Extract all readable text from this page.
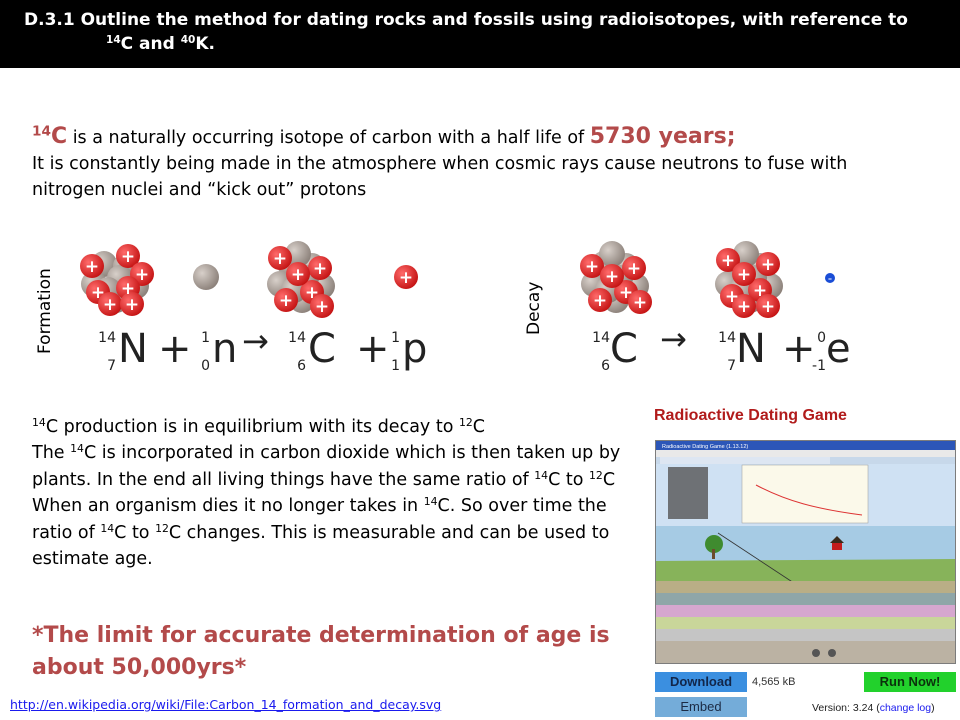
D.3.1 Outline the method for dating rocks and fossils using radioisotopes, with reference to
$^{14}$C and $^{40}$K.
$^{14}$C is a naturally occurring isotope of carbon with a half life of 5730 years;
It is constantly being made in the atmosphere when cosmic rays cause neutrons to fuse with nitrogen nuclei and “kick out” protons
+ +
+
+ +
+ +
+ +
+ +
+
+	+ +
+ + +
+
+ +
+ +
+
+
+
+	–
Formation	Decay
14
7 N + 1
0 n →	14
6 C + 1
1 p	14
6 C →	14
7 N + 0
-1 e
$^{14}$C production is in equilibrium with its decay to $^{12}$C
The $^{14}$C is incorporated in carbon dioxide which is then taken up by plants. In the end all living things have the same ratio of $^{14}$C to $^{12}$C
When an organism dies it no longer takes in $^{14}$C. So over time the ratio of $^{14}$C to $^{12}$C changes. This is measurable and can be used to estimate age.
*The limit for accurate determination of age is about 50,000yrs*
http://en.wikipedia.org/wiki/File:Carbon_14_formation_and_decay.svg
Radioactive Dating Game
Radioactive Dating Game (1.13.12)
Download	4,565 kB	Run Now!
Embed	Version: 3.24 (change log)
